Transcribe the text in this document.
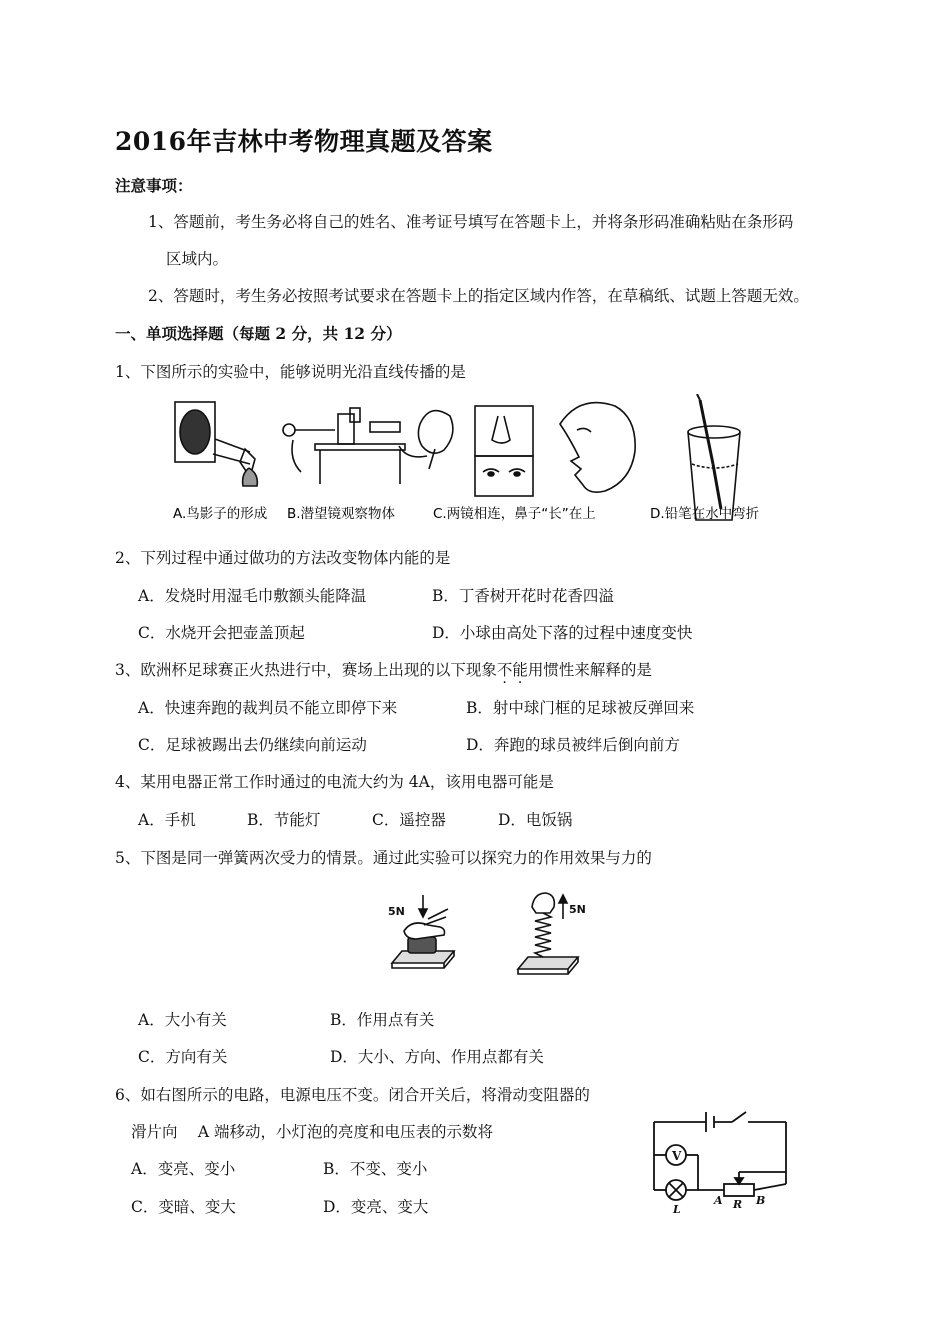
2016年吉林中考物理真题及答案
注意事项：
1、答题前，考生务必将自己的姓名、准考证号填写在答题卡上，并将条形码准确粘贴在条形码
区域内。
2、答题时，考生务必按照考试要求在答题卡上的指定区域内作答，在草稿纸、试题上答题无效。
一、单项选择题（每题 2 分，共 12 分）
1、下图所示的实验中，能够说明光沿直线传播的是
A.鸟影子的形成 B.潜望镜观察物体	C.两镜相连，鼻子“长”在上	D.铅笔在水中弯折
2、下列过程中通过做功的方法改变物体内能的是
A．发烧时用湿毛巾敷额头能降温	B．丁香树开花时花香四溢
C．水烧开会把壶盖顶起	D．小球由高处下落的过程中速度变快
3、欧洲杯足球赛正火热进行中，赛场上出现的以下现象不能用惯性来解释的是
A．快速奔跑的裁判员不能立即停下来	B．射中球门框的足球被反弹回来
C．足球被踢出去仍继续向前运动	D．奔跑的球员被绊后倒向前方
4、某用电器正常工作时通过的电流大约为 4A，该用电器可能是
A．手机	B．节能灯	C．遥控器	D．电饭锅
5、下图是同一弹簧两次受力的情景。通过此实验可以探究力的作用效果与力的
5N	5N
A．大小有关	B．作用点有关
C．方向有关	D．大小、方向、作用点都有关
6、如右图所示的电路，电源电压不变。闭合开关后，将滑动变阻器的
滑片向　 A 端移动，小灯泡的亮度和电压表的示数将
A．变亮、变小	B．不变、变小
C．变暗、变大	D．变亮、变大
V
L
A R B
